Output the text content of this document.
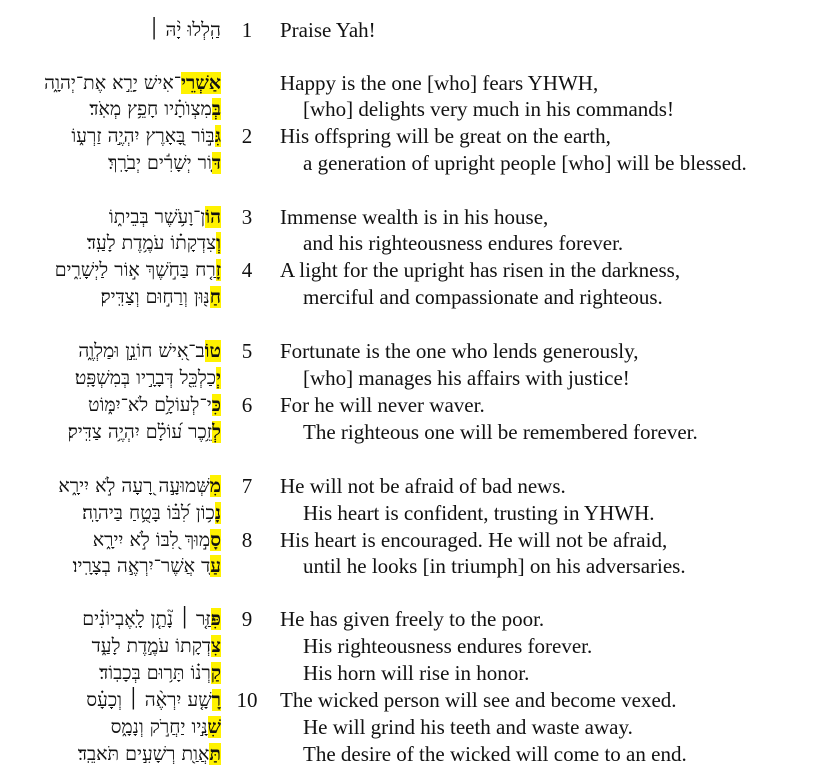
הַֽלְלוּ יָ֨הּ ׀ 1	Praise Yah!
אַשְׁרֵי־אִישׁ יָרֵ֣א אֶת־יְהוָ֑ה	Happy is the one [who] fears YHWH,
בְּמִצְוֺתָ֗יו חָפֵ֥ץ מְאֹֽד׃	[who] delights very much in his commands!
גִּבּ֣וֹר בָּ֭אָרֶץ יִהְיֶ֣ה זַרְע֑וֹ	2	His offspring will be great on the earth,
דּ֤וֹר יְשָׁרִ֬ים יְבֹרָֽךְ׃	a generation of upright people [who] will be blessed.
הוֹן־וָעֹ֥שֶׁר בְּבֵית֑וֹ	3	Immense wealth is in his house,
וְצִדְקָת֗וֹ עֹמֶ֥דֶת לָעַֽד׃	and his righteousness endures forever.
זָרַ֤ח בַּחֹ֣שֶׁךְ א֣וֹר לַיְשָׁרִ֑ים	4	A light for the upright has risen in the darkness,
חַנּ֖וּן וְרַח֣וּם וְצַדִּֽיק׃	merciful and compassionate and righteous.
טוֹב־אִ֭ישׁ חוֹנֵ֣ן וּמַלְוֶ֑ה	5	Fortunate is the one who lends generously,
יְכַלְכֵּ֖ל דְּבָרָ֣יו בְּמִשְׁפָּֽט׃	[who] manages his affairs with justice!
כִּי־לְעוֹלָ֥ם לֹא־יִמּ֑וֹט	6	For he will never waver.
לְזֵ֥כֶר ע֝וֹלָ֗ם יִהְיֶ֥ה צַדִּֽיק׃	The righteous one will be remembered forever.
מִשְּׁמוּעָ֣ה רָ֭עָה לֹ֣א יִירָ֑א	7	He will not be afraid of bad news.
נָכ֥וֹן לִ֝בּ֗וֹ בָּטֻ֥חַ בַּיהוָֽה׃	His heart is confident, trusting in YHWH.
סָמ֣וּךְ לִ֭בּוֹ לֹ֣א יִירָ֑א	8	His heart is encouraged. He will not be afraid,
עַ֖ד אֲשֶׁר־יִרְאֶ֣ה בְצָרָֽיו׃	until he looks [in triumph] on his adversaries.
פִּזַּ֤ר ׀ נָ֘תַ֤ן לָֽאֶבְיוֹנִ֗ים	9	He has given freely to the poor.
צִדְקָתוֹ עֹמֶ֣דֶת לָעַ֑ד	His righteousness endures forever.
קַרְנ֗וֹ תָּר֥וּם בְּכָבֽוֹד׃	His horn will rise in honor.
רָשָׁ֤ע יִרְאֶ֨ה ׀ וְכָעָ֗ס	10 The wicked person will see and become vexed.
שִׁנָּ֣יו יַחֲרֹ֣ק וְנָמָ֑ס	He will grind his teeth and waste away.
תַּאֲוַ֖ת רְשָׁעִ֣ים תֹּאבֵֽד׃	The desire of the wicked will come to an end.
